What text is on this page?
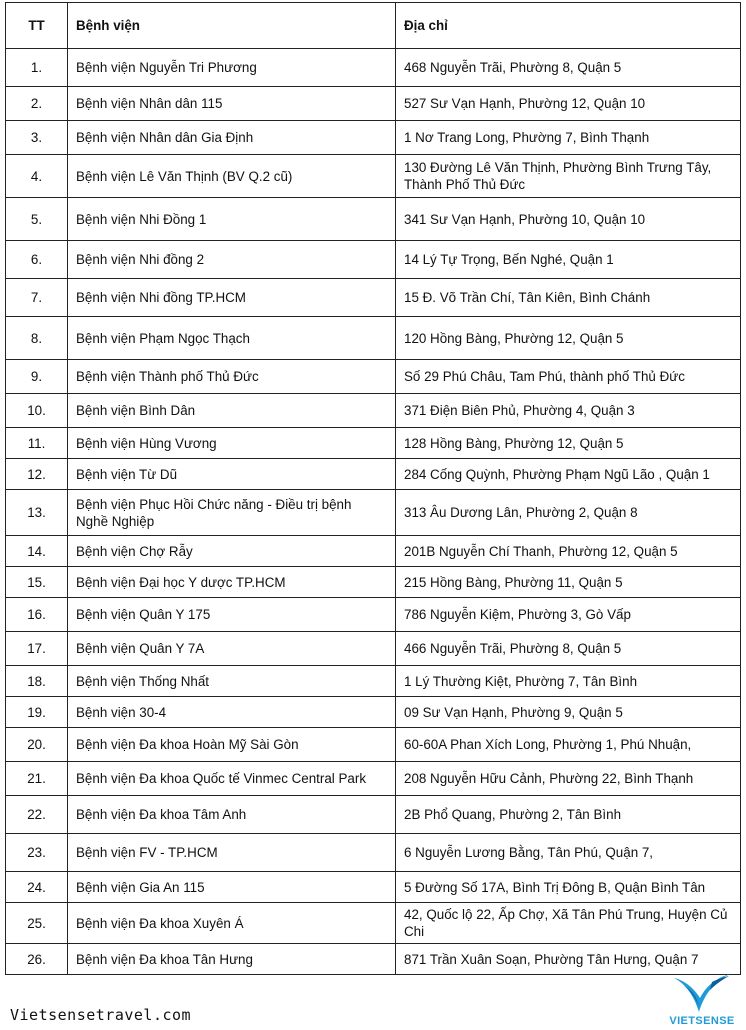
TT	Bệnh viện	Địa chỉ
1.	Bệnh viện Nguyễn Tri Phương	468 Nguyễn Trãi, Phường 8, Quận 5
2.	Bệnh viện Nhân dân 115	527 Sư Vạn Hạnh, Phường 12, Quận 10
3.	Bệnh viện Nhân dân Gia Định	1 Nơ Trang Long, Phường 7, Bình Thạnh
4.	Bệnh viện Lê Văn Thịnh (BV Q.2 cũ)	130 Đường Lê Văn Thịnh, Phường Bình Trưng Tây, Thành Phố Thủ Đức
5.	Bệnh viện Nhi Đồng 1	341 Sư Vạn Hạnh, Phường 10, Quận 10
6.	Bệnh viện Nhi đồng 2	14 Lý Tự Trọng, Bến Nghé, Quận 1
7.	Bệnh viện Nhi đồng TP.HCM	15 Đ. Võ Trần Chí, Tân Kiên, Bình Chánh
8.	Bệnh viện Phạm Ngọc Thạch	120 Hồng Bàng, Phường 12, Quận 5
9.	Bệnh viện Thành phố Thủ Đức	Số 29 Phú Châu, Tam Phú, thành phố Thủ Đức
10.	Bệnh viện Bình Dân	371 Điện Biên Phủ, Phường 4, Quận 3
11.	Bệnh viện Hùng Vương	128 Hồng Bàng, Phường 12, Quận 5
12.	Bệnh viện Từ Dũ	284 Cống Quỳnh, Phường Phạm Ngũ Lão , Quận 1
13.	Bệnh viện Phục Hồi Chức năng - Điều trị bệnh Nghề Nghiệp	313 Âu Dương Lân, Phường 2, Quận 8
14.	Bệnh viện Chợ Rẫy	201B Nguyễn Chí Thanh, Phường 12, Quận 5
15.	Bệnh viện Đại học Y dược TP.HCM	215 Hồng Bàng, Phường 11, Quận 5
16.	Bệnh viện Quân Y 175	786 Nguyễn Kiệm, Phường 3, Gò Vấp
17.	Bệnh viện Quân Y 7A	466 Nguyễn Trãi, Phường 8, Quận 5
18.	Bệnh viện Thống Nhất	1 Lý Thường Kiệt, Phường 7, Tân Bình
19.	Bệnh viện 30-4	09 Sư Vạn Hạnh, Phường 9, Quận 5
20.	Bệnh viện Đa khoa Hoàn Mỹ Sài Gòn	60-60A Phan Xích Long, Phường 1, Phú Nhuận,
21.	Bệnh viện Đa khoa Quốc tế Vinmec Central Park	208 Nguyễn Hữu Cảnh, Phường 22, Bình Thạnh
22.	Bệnh viện Đa khoa Tâm Anh	2B Phổ Quang, Phường 2, Tân Bình
23.	Bệnh viện FV - TP.HCM	6 Nguyễn Lương Bằng, Tân Phú, Quận 7,
24.	Bệnh viện Gia An 115	5 Đường Số 17A, Bình Trị Đông B, Quận Bình Tân
25.	Bệnh viện Đa khoa Xuyên Á	42, Quốc lộ 22, Ấp Chợ, Xã Tân Phú Trung, Huyện Củ Chi
26.	Bệnh viện Đa khoa Tân Hưng	871 Trần Xuân Soạn, Phường Tân Hưng, Quận 7
Vietsensetravel.com	VIETSENSE
